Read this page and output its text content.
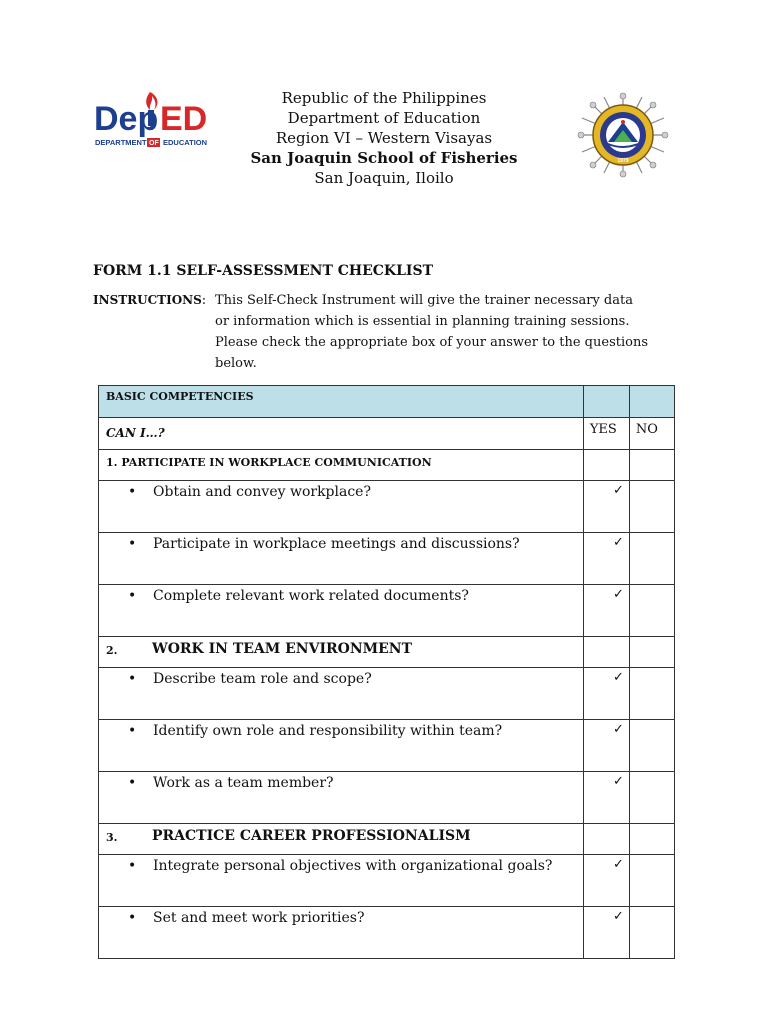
Dep ED
DEPARTMENT OF EDUCATION
Republic of the Philippines
Department of Education
Region VI – Western Visayas
San Joaquin School of Fisheries
San Joaquin, Iloilo
1979
FORM 1.1 SELF-ASSESSMENT CHECKLIST
INSTRUCTIONS: This Self-Check Instrument will give the trainer necessary data
or information which is essential in planning training sessions.
Please check the appropriate box of your answer to the questions
below.
BASIC COMPETENCIES		

CAN I…?	YES	NO

1. PARTICIPATE IN WORKPLACE COMMUNICATION		

• Obtain and convey workplace?	✓	

• Participate in workplace meetings and discussions?	✓	

• Complete relevant work related documents?	✓	

2. WORK IN TEAM ENVIRONMENT		

• Describe team role and scope?	✓	

• Identify own role and responsibility within team?	✓	

• Work as a team member?	✓	

3. PRACTICE CAREER PROFESSIONALISM		

• Integrate personal objectives with organizational goals?	✓	

• Set and meet work priorities?	✓	
